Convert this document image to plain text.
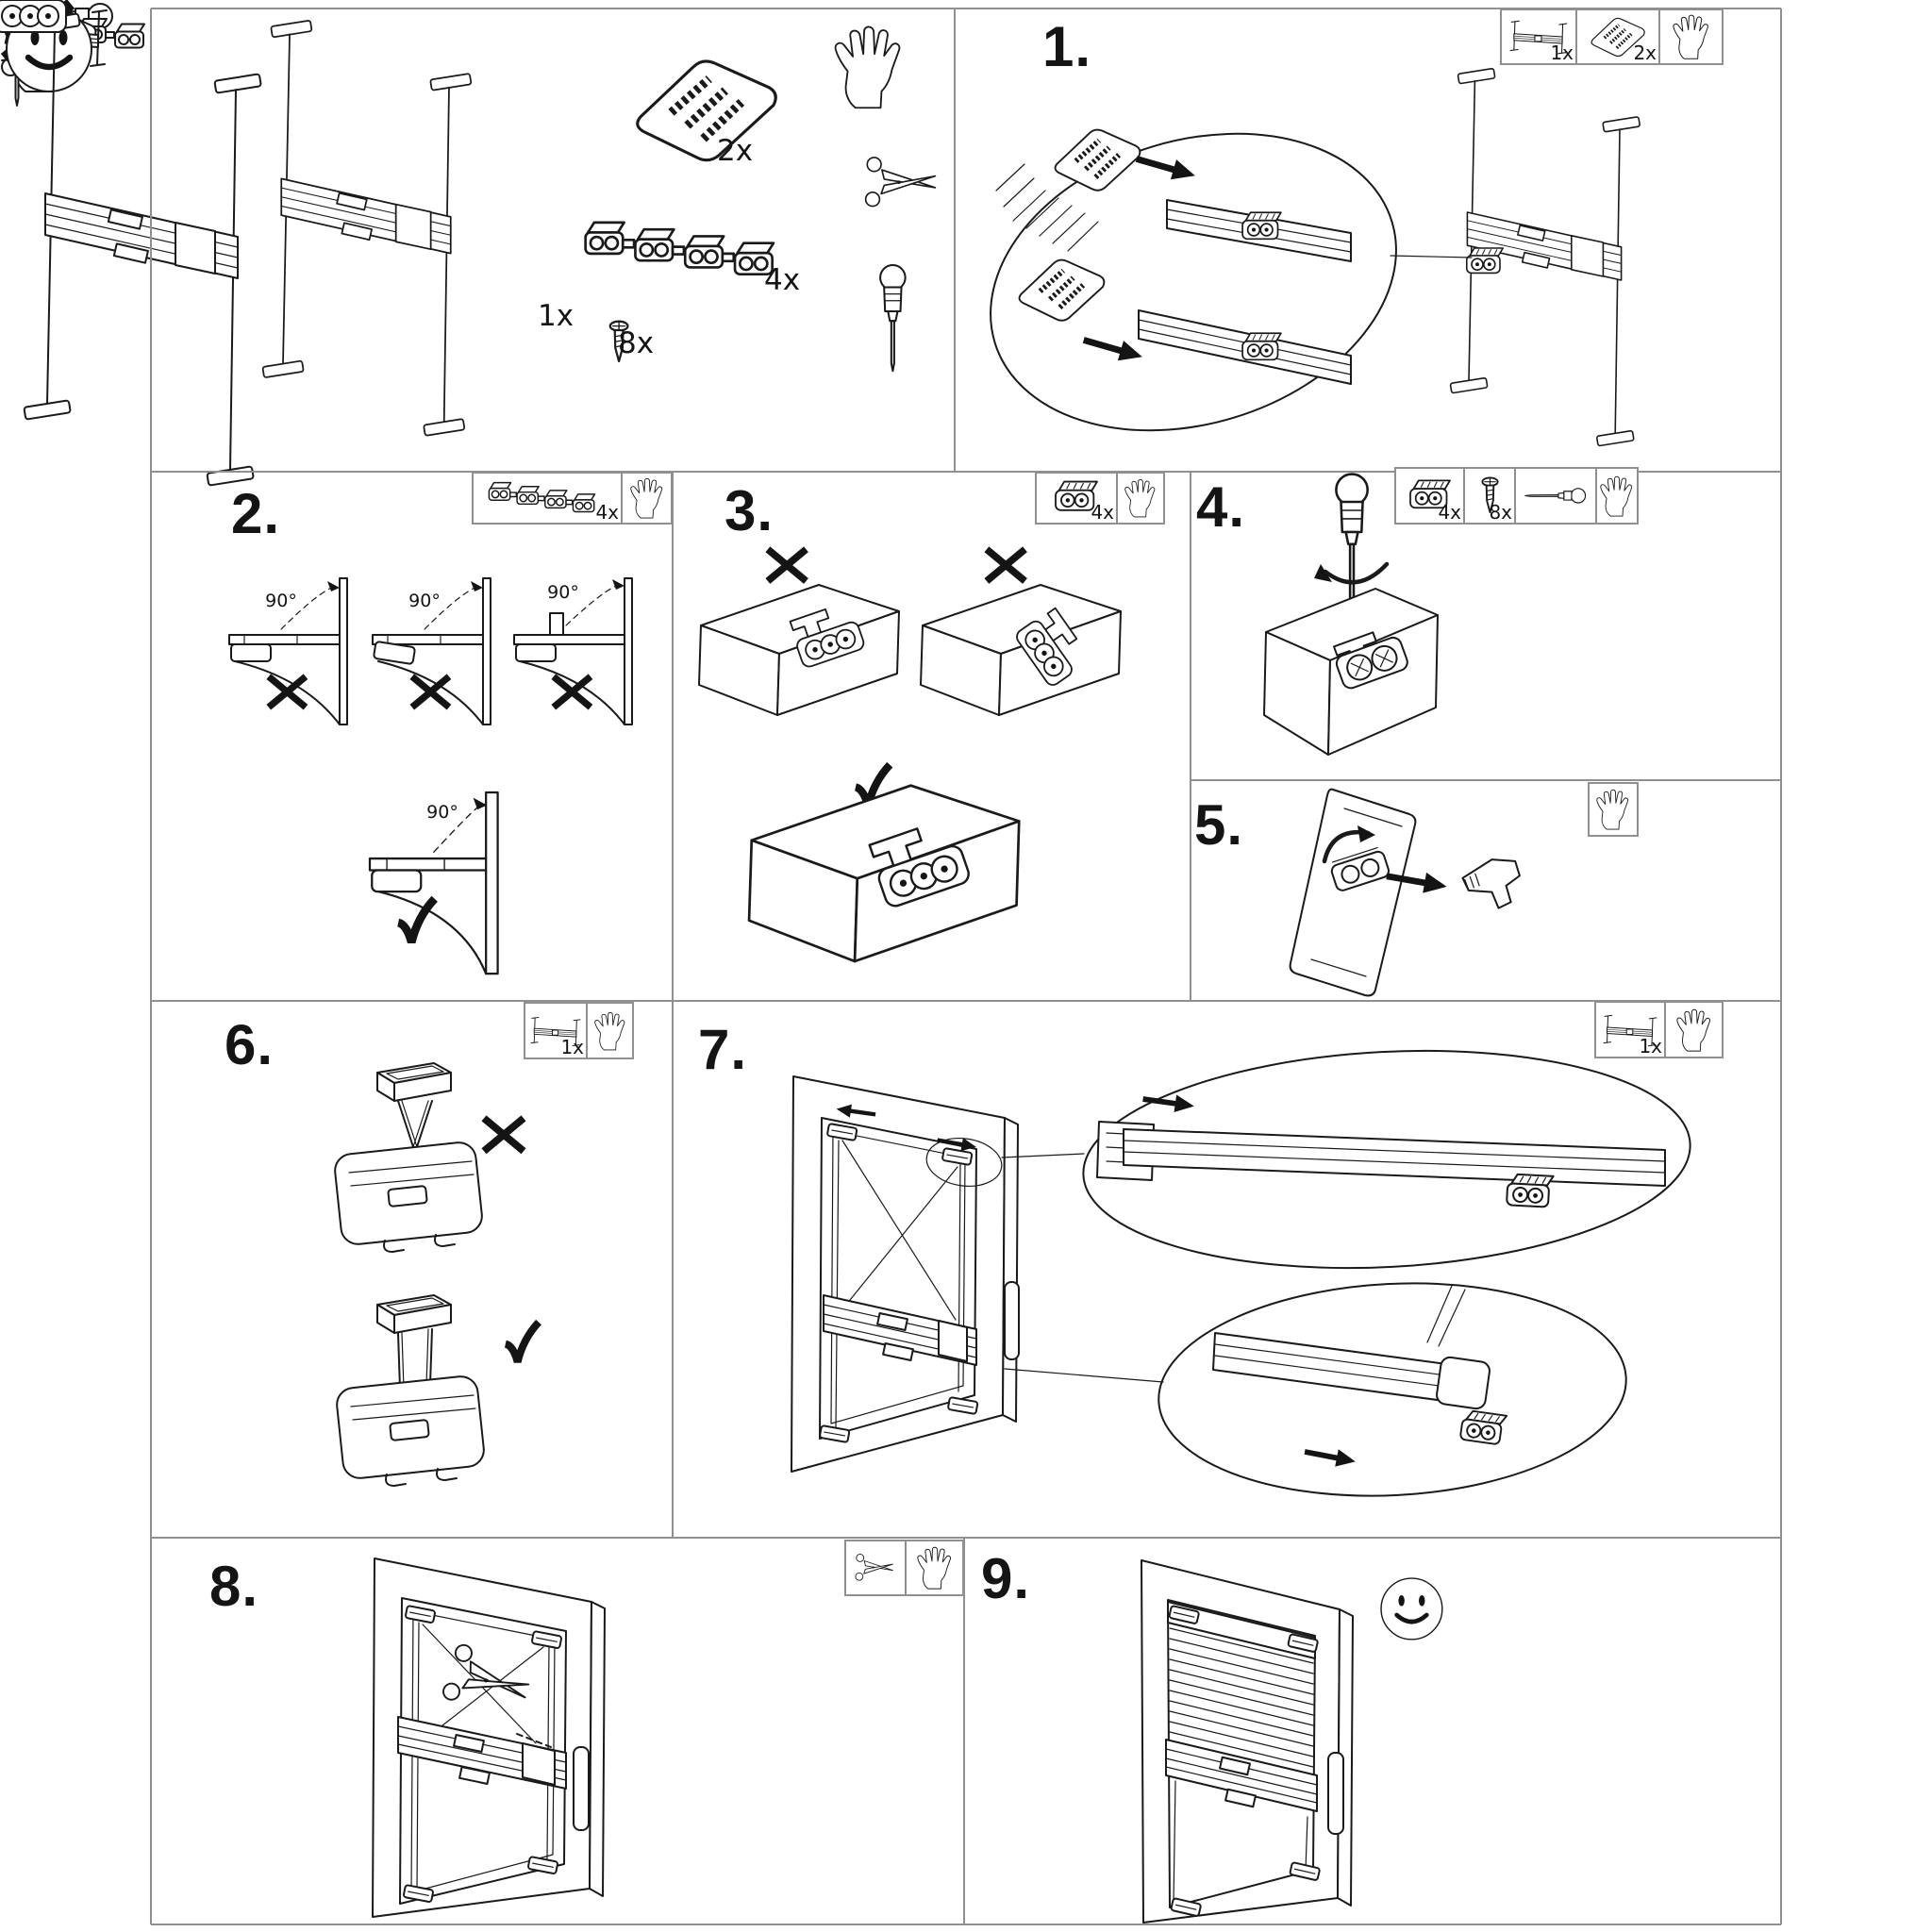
1x
2x
4x
8x
1.	1x	2x
2.	4x
90°	90°	90°
90°
3.	4x 4.	4x 8x
5.
6.	1x 7.	1x
8.	9.
